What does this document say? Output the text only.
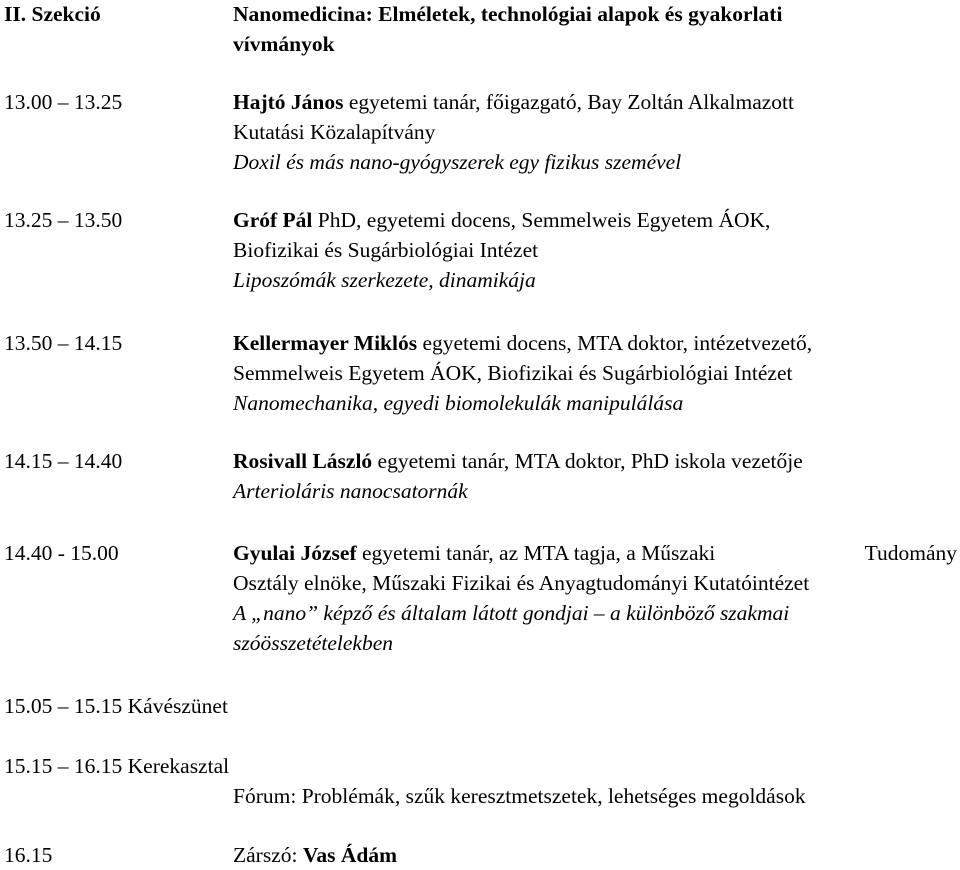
II. Szekció	Nanomedicina: Elméletek, technológiai alapok és gyakorlati
vívmányok
13.00 – 13.25	Hajtó János egyetemi tanár, főigazgató, Bay Zoltán Alkalmazott
Kutatási Közalapítvány
Doxil és más nano-gyógyszerek egy fizikus szemével
13.25 – 13.50	Gróf Pál PhD, egyetemi docens, Semmelweis Egyetem ÁOK,
Biofizikai és Sugárbiológiai Intézet
Liposzómák szerkezete, dinamikája
13.50 – 14.15	Kellermayer Miklós egyetemi docens, MTA doktor, intézetvezető,
Semmelweis Egyetem ÁOK, Biofizikai és Sugárbiológiai Intézet
Nanomechanika, egyedi biomolekulák manipulálása
14.15 – 14.40	Rosivall László egyetemi tanár, MTA doktor, PhD iskola vezetője
Arterioláris nanocsatornák
14.40 - 15.00	Gyulai József egyetemi tanár, az MTA tagja, a Műszaki	Tudomány
Osztály elnöke, Műszaki Fizikai és Anyagtudományi Kutatóintézet
A „nano” képző és általam látott gondjai – a különböző szakmai
szóösszetételekben
15.05 – 15.15 Kávészünet
15.15 – 16.15 Kerekasztal
Fórum: Problémák, szűk keresztmetszetek, lehetséges megoldások
16.15	Zárszó: Vas Ádám
